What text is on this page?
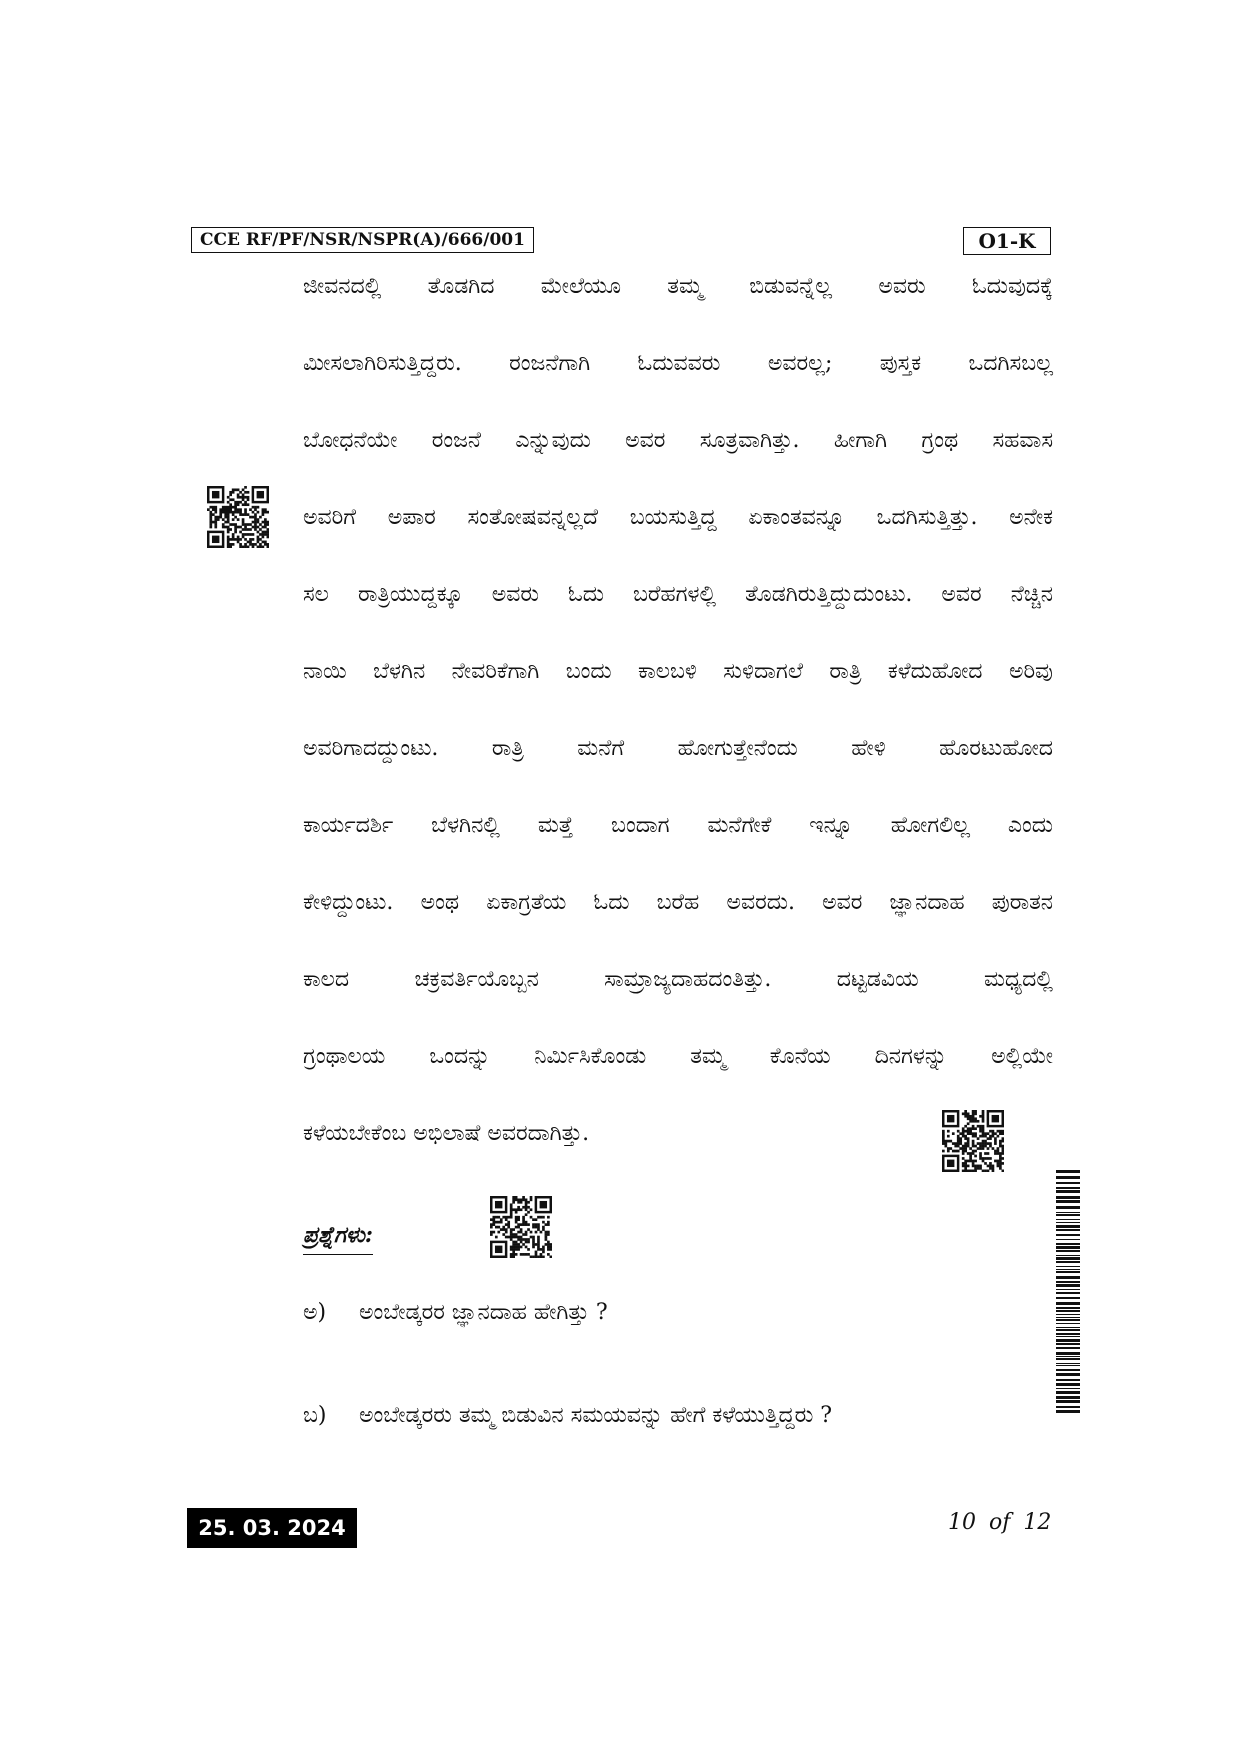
CCE RF/PF/NSR/NSPR(A)/666/001	O1-K
ಜೀವನದಲ್ಲಿ ತೊಡಗಿದ ಮೇಲೆಯೂ ತಮ್ಮ ಬಿಡುವನ್ನೆಲ್ಲ ಅವರು ಓದುವುದಕ್ಕೆ
ಮೀಸಲಾಗಿರಿಸುತ್ತಿದ್ದರು. ರಂಜನೆಗಾಗಿ ಓದುವವರು ಅವರಲ್ಲ; ಪುಸ್ತಕ ಒದಗಿಸಬಲ್ಲ
ಬೋಧನೆಯೇ ರಂಜನೆ ಎನ್ನುವುದು ಅವರ ಸೂತ್ರವಾಗಿತ್ತು. ಹೀಗಾಗಿ ಗ್ರಂಥ ಸಹವಾಸ
ಅವರಿಗೆ ಅಪಾರ ಸಂತೋಷವನ್ನಲ್ಲದೆ ಬಯಸುತ್ತಿದ್ದ ಏಕಾಂತವನ್ನೂ ಒದಗಿಸುತ್ತಿತ್ತು. ಅನೇಕ
ಸಲ ರಾತ್ರಿಯುದ್ದಕ್ಕೂ ಅವರು ಓದು ಬರೆಹಗಳಲ್ಲಿ ತೊಡಗಿರುತ್ತಿದ್ದುದುಂಟು. ಅವರ ನೆಚ್ಚಿನ
ನಾಯಿ ಬೆಳಗಿನ ನೇವರಿಕೆಗಾಗಿ ಬಂದು ಕಾಲಬಳಿ ಸುಳಿದಾಗಲೆ ರಾತ್ರಿ ಕಳೆದುಹೋದ ಅರಿವು
ಅವರಿಗಾದದ್ದುಂಟು. ರಾತ್ರಿ ಮನೆಗೆ ಹೋಗುತ್ತೇನೆಂದು ಹೇಳಿ ಹೊರಟುಹೋದ
ಕಾರ್ಯದರ್ಶಿ ಬೆಳಗಿನಲ್ಲಿ ಮತ್ತೆ ಬಂದಾಗ ಮನೆಗೇಕೆ ಇನ್ನೂ ಹೋಗಲಿಲ್ಲ ಎಂದು
ಕೇಳಿದ್ದುಂಟು. ಅಂಥ ಏಕಾಗ್ರತೆಯ ಓದು ಬರೆಹ ಅವರದು. ಅವರ ಜ್ಞಾನದಾಹ ಪುರಾತನ
ಕಾಲದ ಚಕ್ರವರ್ತಿಯೊಬ್ಬನ ಸಾಮ್ರಾಜ್ಯದಾಹದಂತಿತ್ತು. ದಟ್ಟಡವಿಯ ಮಧ್ಯದಲ್ಲಿ
ಗ್ರಂಥಾಲಯ ಒಂದನ್ನು ನಿರ್ಮಿಸಿಕೊಂಡು ತಮ್ಮ ಕೊನೆಯ ದಿನಗಳನ್ನು ಅಲ್ಲಿಯೇ
ಕಳೆಯಬೇಕೆಂಬ ಅಭಿಲಾಷೆ ಅವರದಾಗಿತ್ತು.
ಪ್ರಶ್ನೆಗಳು:
ಅ) ಅಂಬೇಡ್ಕರರ ಜ್ಞಾನದಾಹ ಹೇಗಿತ್ತು ?
ಬ) ಅಂಬೇಡ್ಕರರು ತಮ್ಮ ಬಿಡುವಿನ ಸಮಯವನ್ನು ಹೇಗೆ ಕಳೆಯುತ್ತಿದ್ದರು ?
25. 03. 2024	10 of 12
